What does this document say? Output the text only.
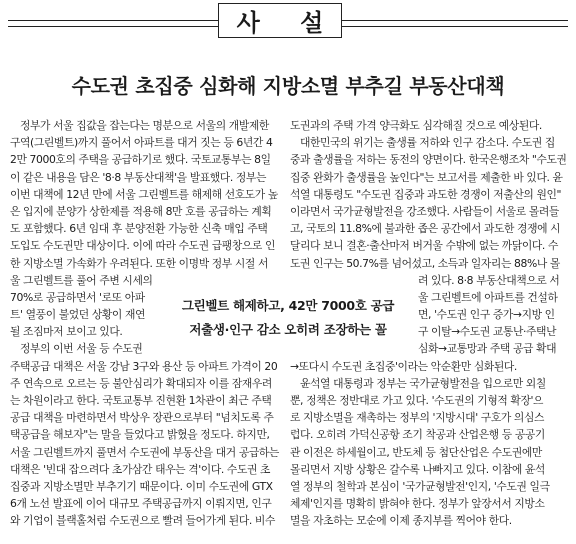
사 설
수도권 초집중 심화해 지방소멸 부추길 부동산대책
정부가 서울 집값을 잡는다는 명분으로 서울의 개발제한
구역(그린벨트)까지 풀어서 아파트를 대거 짓는 등 6년간 4
2만 7000호의 주택을 공급하기로 했다. 국토교통부는 8일
이 같은 내용을 담은 '8·8 부동산대책'을 발표했다. 정부는
이번 대책에 12년 만에 서울 그린벨트를 해제해 선호도가 높
은 입지에 분양가 상한제를 적용해 8만 호를 공급하는 계획
도 포함했다. 6년 임대 후 분양전환 가능한 신축 매입 주택
도입도 수도권만 대상이다. 이에 따라 수도권 급팽창으로 인
한 지방소멸 가속화가 우려된다. 또한 이명박 정부 시절 서
울 그린벨트를 풀어 주변 시세의
70%로 공급하면서 '로또 아파
트' 열풍이 불었던 상황이 재연
될 조짐마저 보이고 있다.
정부의 이번 서울 등 수도권
주택공급 대책은 서울 강남 3구와 용산 등 아파트 가격이 20
주 연속으로 오르는 등 불안심리가 확대되자 이를 잠재우려
는 차원이라고 한다. 국토교통부 진현환 1차관이 최근 주택
공급 대책을 마련하면서 박상우 장관으로부터 "넘치도록 주
택공급을 해보자"는 말을 들었다고 밝혔을 정도다. 하지만,
서울 그린벨트까지 풀면서 수도권에 부동산을 대거 공급하는
대책은 '빈대 잡으려다 초가삼간 태우는 격'이다. 수도권 초
집중과 지방소멸만 부추기기 때문이다. 이미 수도권에 GTX
6개 노선 발표에 이어 대규모 주택공급까지 이뤄지면, 인구
와 기업이 블랙홀처럼 수도권으로 빨려 들어가게 된다. 비수
도권과의 주택 가격 양극화도 심각해질 것으로 예상된다.
대한민국의 위기는 출생률 저하와 인구 감소다. 수도권 집
중과 출생률을 저하는 동전의 양면이다. 한국은행조차 "수도권
집중 완화가 출생률을 높인다"는 보고서를 제출한 바 있다. 윤
석열 대통령도 "수도권 집중과 과도한 경쟁이 저출산의 원인"
이라면서 국가균형발전을 강조했다. 사람들이 서울로 몰려들
고, 국토의 11.8%에 불과한 좁은 공간에서 과도한 경쟁에 시
달리다 보니 결혼·출산마저 버거울 수밖에 없는 까닭이다. 수
도권 인구는 50.7%를 넘어섰고, 소득과 일자리는 88%나 몰
려 있다. 8·8 부동산대책으로 서
울 그린벨트에 아파트를 건설하
면, '수도권 인구 증가→지방 인
구 이탈→수도권 교통난·주택난
심화→교통망과 주택 공급 확대
→또다시 수도권 초집중'이라는 악순환만 심화된다.
윤석열 대통령과 정부는 국가균형발전을 입으로만 외칠
뿐, 정책은 정반대로 가고 있다. '수도권의 기형적 확장'으
로 지방소멸을 재촉하는 정부의 '지방시대' 구호가 의심스
럽다. 오히려 가덕신공항 조기 착공과 산업은행 등 공공기
관 이전은 하세월이고, 반도체 등 첨단산업은 수도권에만
몰리면서 지방 상황은 갈수록 나빠지고 있다. 이참에 윤석
열 정부의 철학과 본심이 '국가균형발전'인지, '수도권 일극
체제'인지를 명확히 밝혀야 한다. 정부가 앞장서서 지방소
멸을 자초하는 모순에 이제 종지부를 찍어야 한다.
그린벨트 해제하고, 42만 7000호 공급
저출생·인구 감소 오히려 조장하는 꼴
